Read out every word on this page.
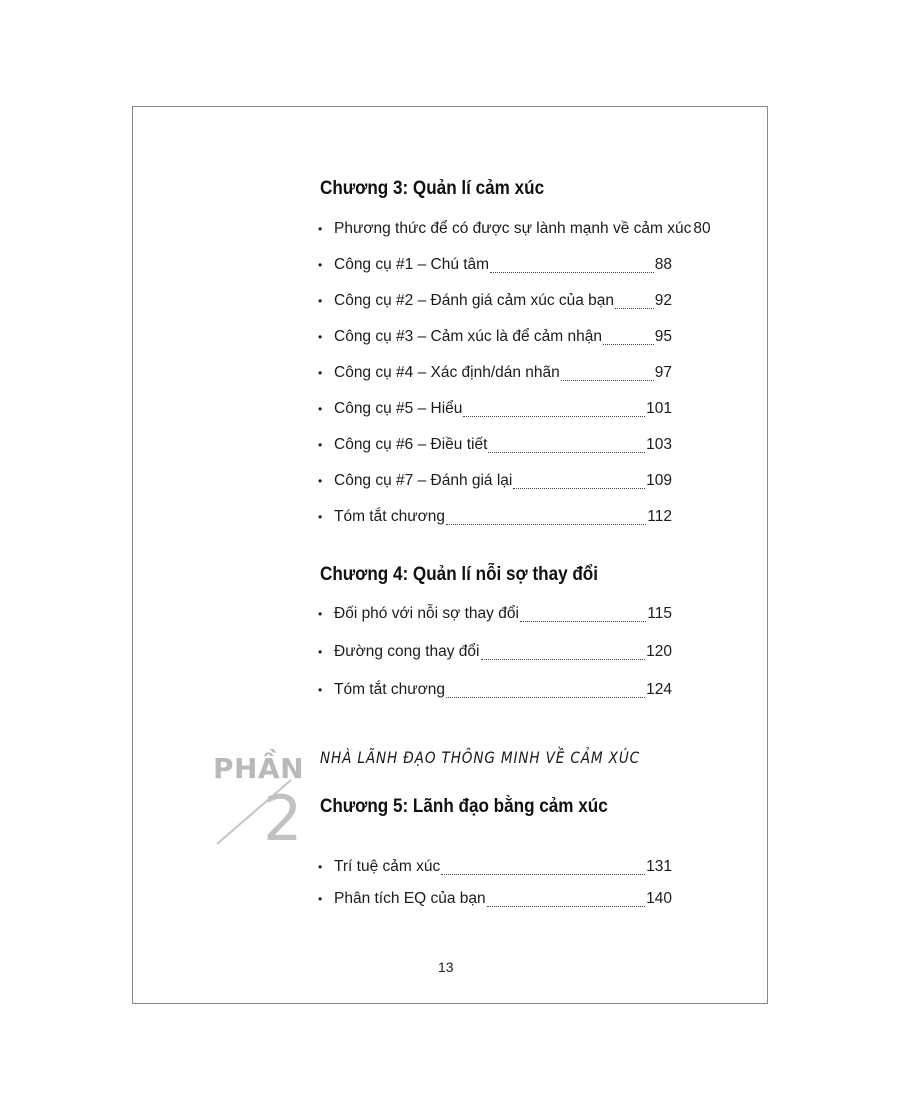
Chương 3: Quản lí cảm xúc
• Phương thức để có được sự lành mạnh về cảm xúc 80
• Công cụ #1 – Chú tâm	88
• Công cụ #2 – Đánh giá cảm xúc của bạn	92
• Công cụ #3 – Cảm xúc là để cảm nhận	95
• Công cụ #4 – Xác định/dán nhãn	97
• Công cụ #5 – Hiểu	101
• Công cụ #6 – Điều tiết	103
• Công cụ #7 – Đánh giá lại	109
• Tóm tắt chương	112
Chương 4: Quản lí nỗi sợ thay đổi
• Đối phó với nỗi sợ thay đổi	115
• Đường cong thay đổi	120
• Tóm tắt chương	124
PHẦN
2
NHÀ LÃNH ĐẠO THÔNG MINH VỀ CẢM XÚC
Chương 5: Lãnh đạo bằng cảm xúc
• Trí tuệ cảm xúc	131
• Phân tích EQ của bạn	140
13
